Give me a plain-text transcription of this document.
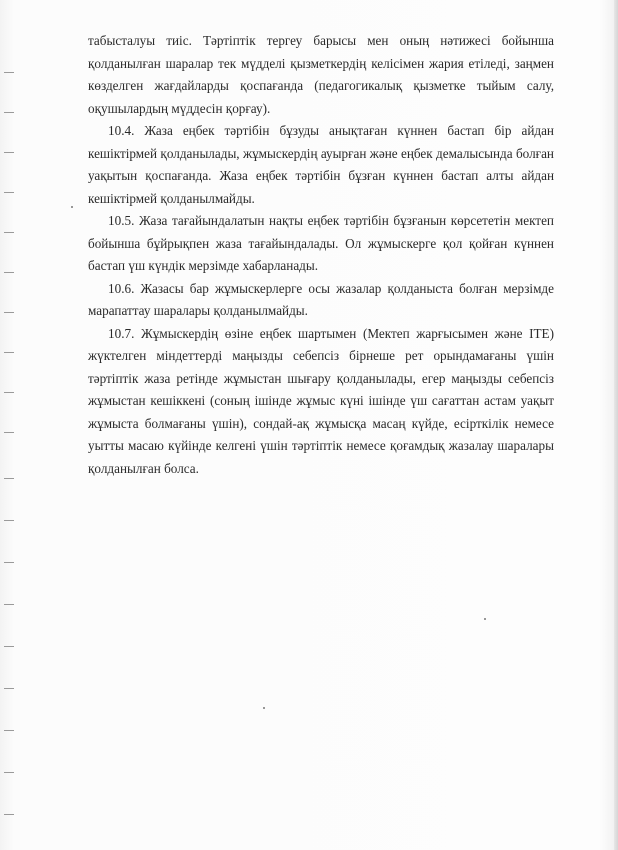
табысталуы тиіс. Тәртіптік тергеу барысы мен оның нәтижесі бойынша қолданылған шаралар тек мүдделі қызметкердің келісімен жария етіледі, заңмен көзделген жағдайларды қоспағанда (педагогикалық қызметке тыйым салу, оқушылардың мүддесін қорғау).

10.4. Жаза еңбек тәртібін бұзуды анықтаған күннен бастап бір айдан кешіктірмей қолданылады, жұмыскердің ауырған және еңбек демалысында болған уақытын қоспағанда. Жаза еңбек тәртібін бұзған күннен бастап алты айдан кешіктірмей қолданылмайды.

10.5. Жаза тағайындалатын нақты еңбек тәртібін бұзғанын көрсететін мектеп бойынша бұйрықпен жаза тағайындалады. Ол жұмыскерге қол қойған күннен бастап үш күндік мерзімде хабарланады.

10.6. Жазасы бар жұмыскерлерге осы жазалар қолданыста болған мерзімде марапаттау шаралары қолданылмайды.

10.7. Жұмыскердің өзіне еңбек шартымен (Мектеп жарғысымен және ІТЕ) жүктелген міндеттерді маңызды себепсіз бірнеше рет орындамағаны үшін тәртіптік жаза ретінде жұмыстан шығару қолданылады, егер маңызды себепсіз жұмыстан кешіккені (соның ішінде жұмыс күні ішінде үш сағаттан астам уақыт жұмыста болмағаны үшін), сондай-ақ жұмысқа масаң күйде, есірткілік немесе уытты масаю күйінде келгені үшін тәртіптік немесе қоғамдық жазалау шаралары қолданылған болса.
